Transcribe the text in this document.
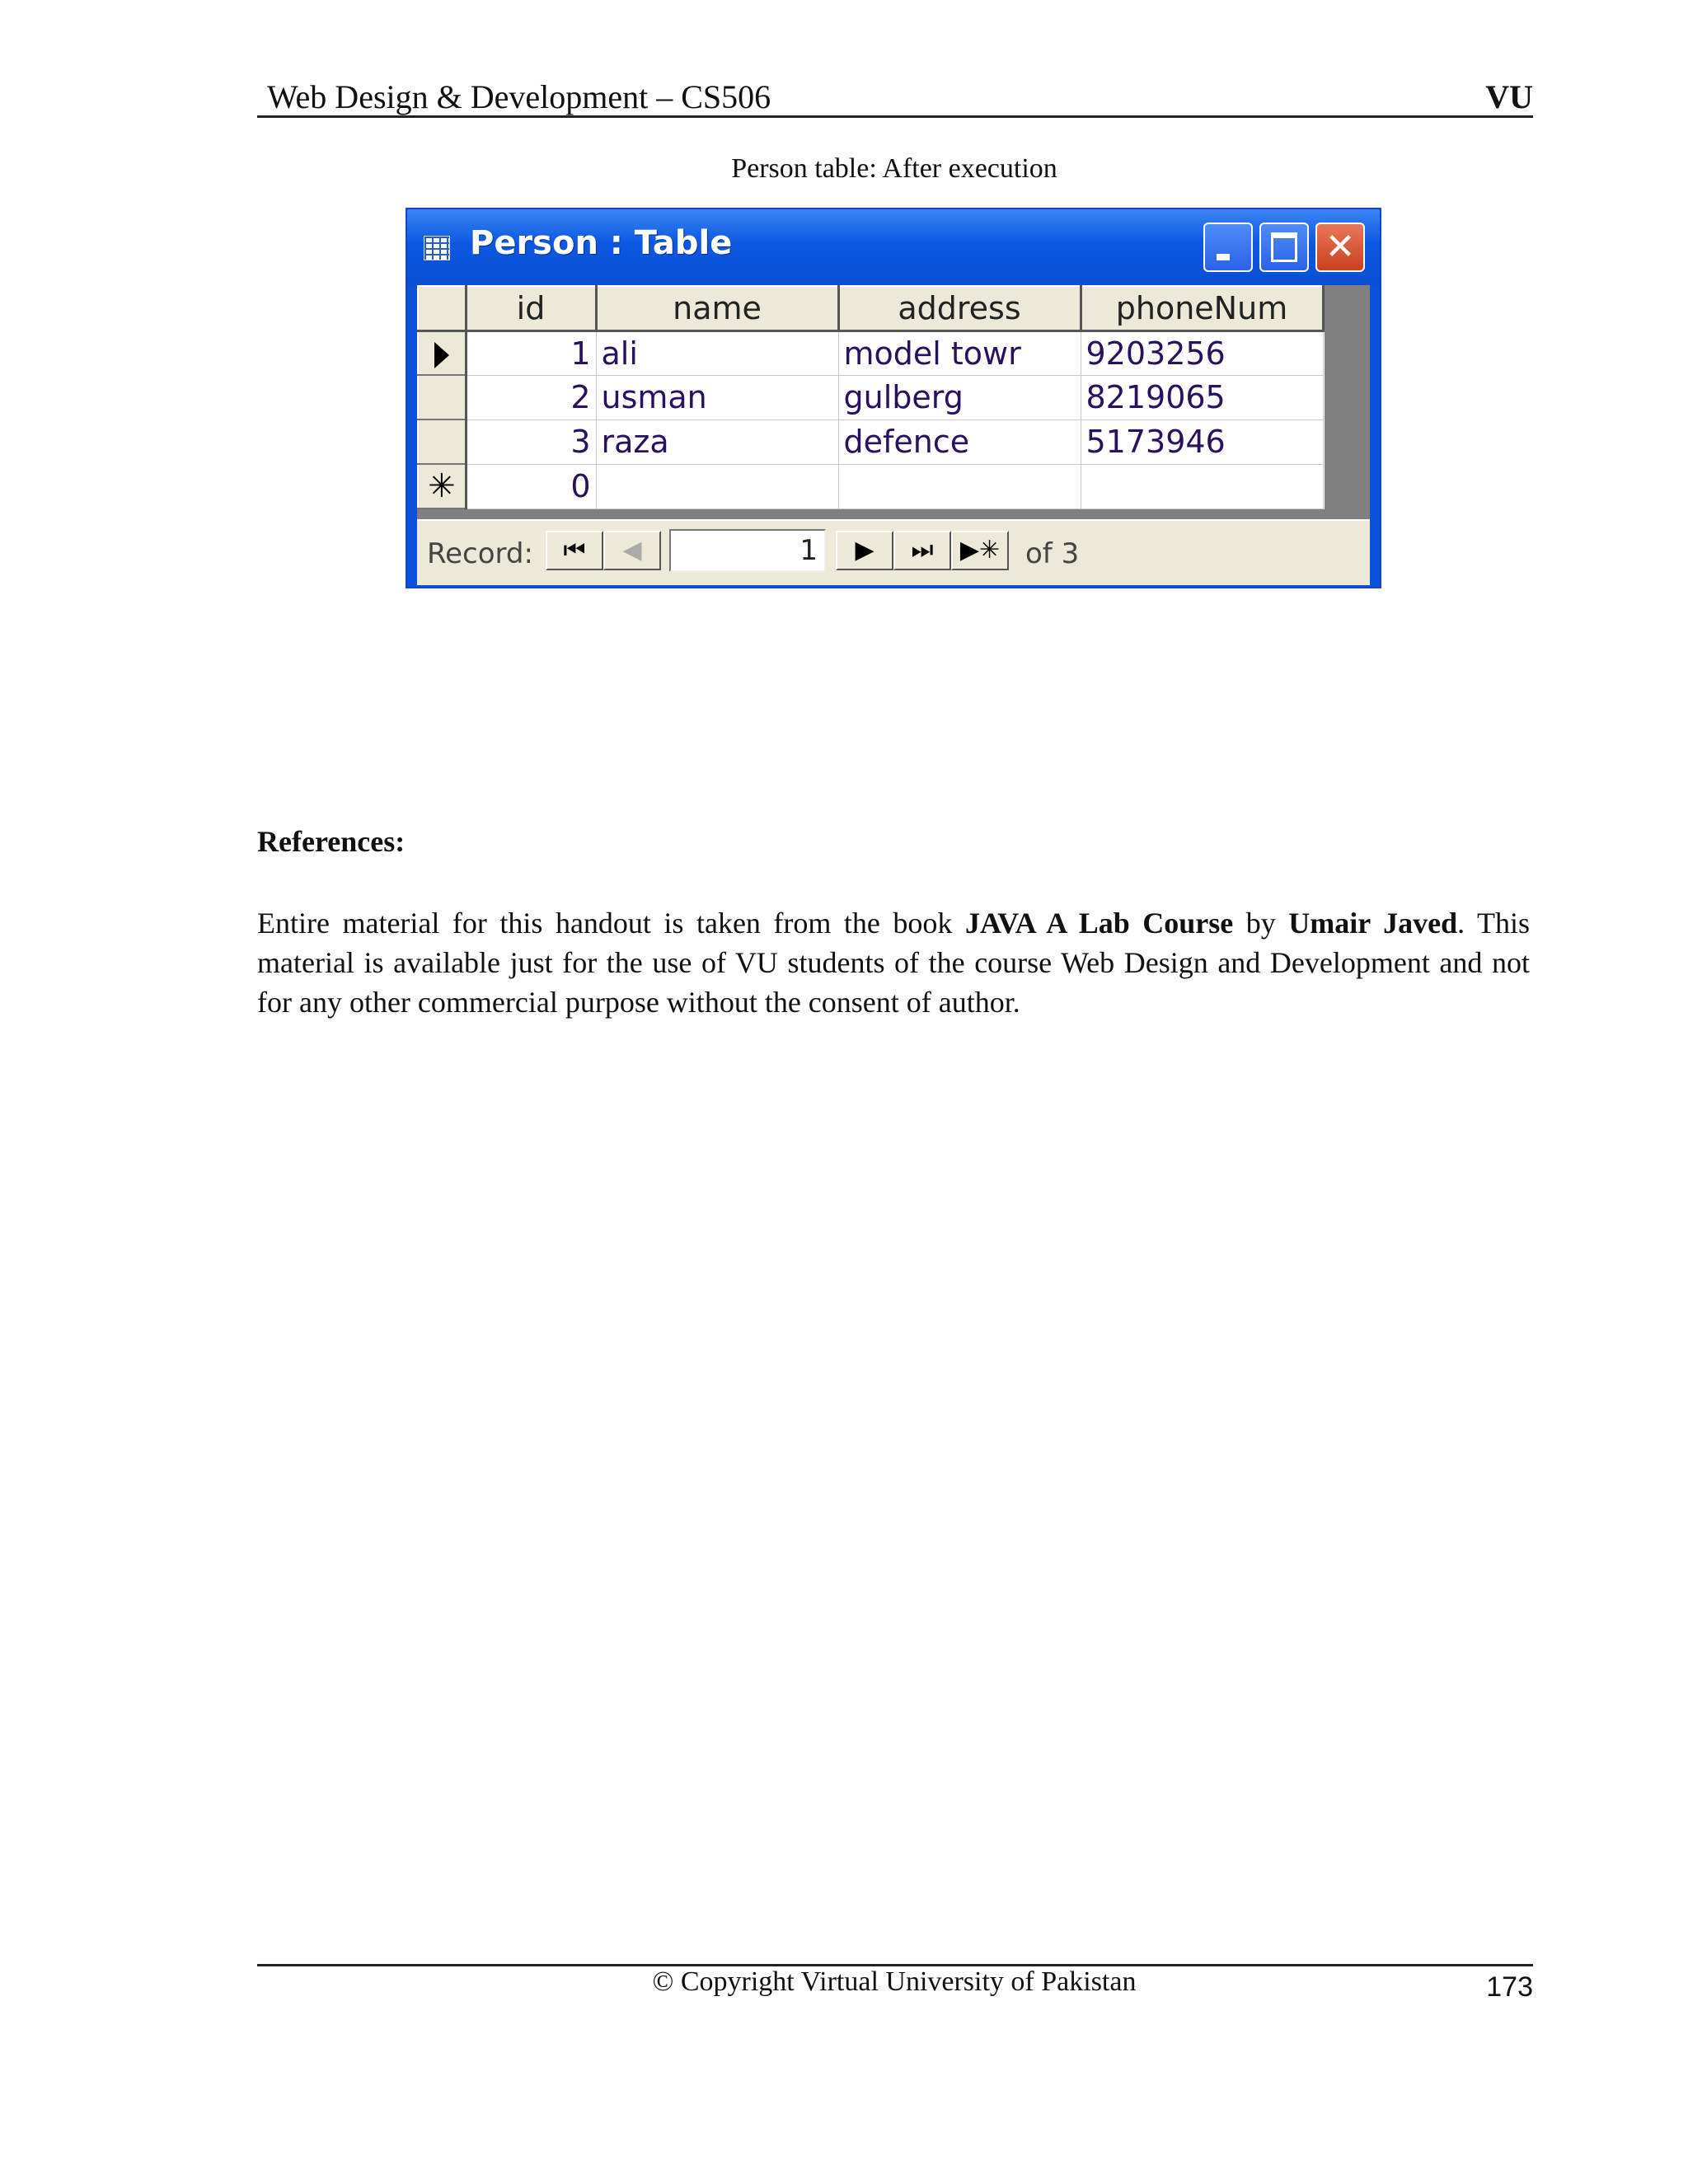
Web Design & Development – CS506	VU
Person table: After execution
Person : Table	✕
	id	name	address	phoneNum
	1	ali	model towr	9203256
	2	usman	gulberg	8219065
	3	raza	defence	5173946
✳	0			
Record:	⏮	◀	1	▶	⏭	▶✳ of 3
References:
Entire material for this handout is taken from the book JAVA A Lab Course by Umair Javed. This material is available just for the use of VU students of the course Web Design and Development and not for any other commercial purpose without the consent of author.
© Copyright Virtual University of Pakistan	173
